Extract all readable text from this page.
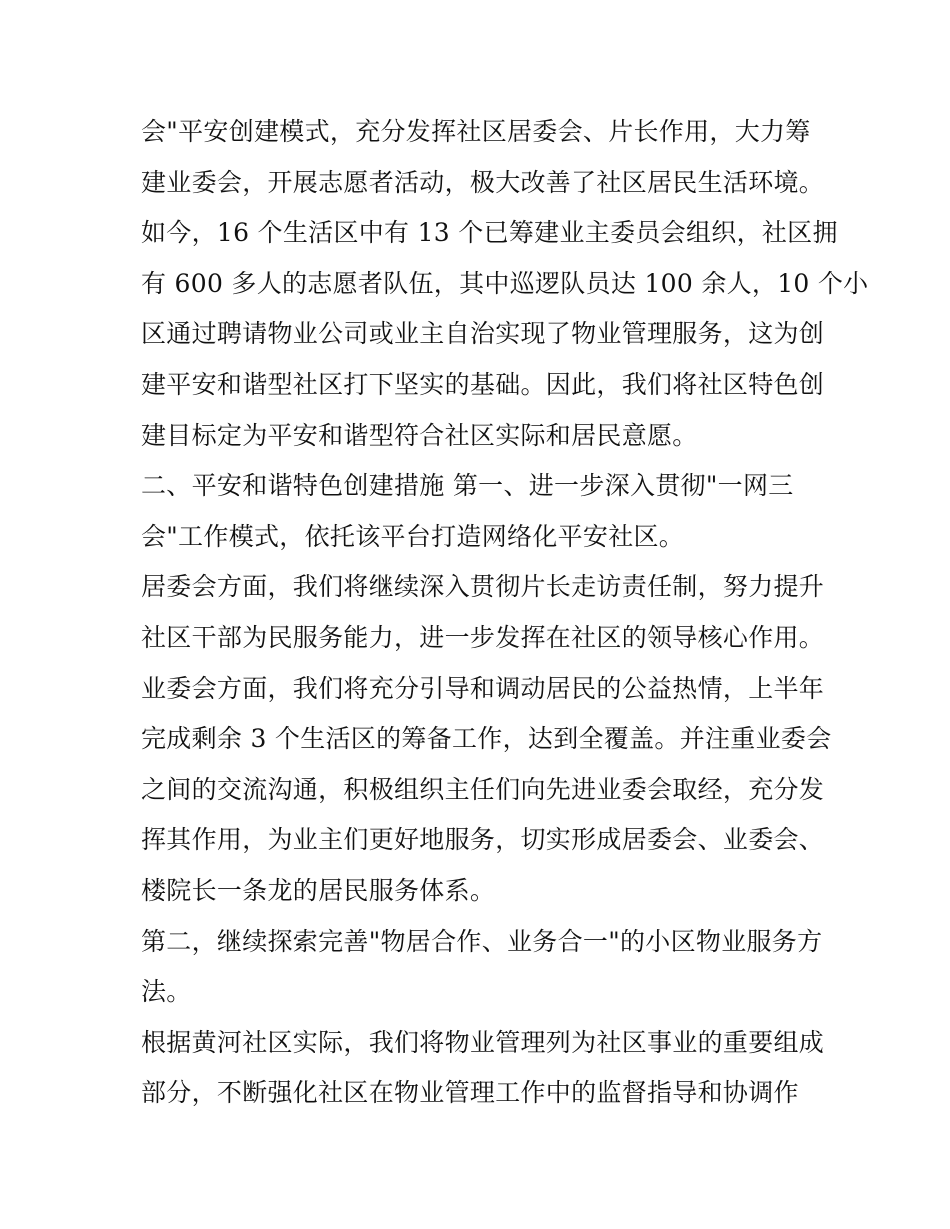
会"平安创建模式，充分发挥社区居委会、片长作用，大力筹
建业委会，开展志愿者活动，极大改善了社区居民生活环境。
如今，16 个生活区中有 13 个已筹建业主委员会组织，社区拥
有 600 多人的志愿者队伍，其中巡逻队员达 100 余人，10 个小
区通过聘请物业公司或业主自治实现了物业管理服务，这为创
建平安和谐型社区打下坚实的基础。因此，我们将社区特色创
建目标定为平安和谐型符合社区实际和居民意愿。
二、平安和谐特色创建措施 第一、进一步深入贯彻"一网三
会"工作模式，依托该平台打造网络化平安社区。
居委会方面，我们将继续深入贯彻片长走访责任制，努力提升
社区干部为民服务能力，进一步发挥在社区的领导核心作用。
业委会方面，我们将充分引导和调动居民的公益热情，上半年
完成剩余 3 个生活区的筹备工作，达到全覆盖。并注重业委会
之间的交流沟通，积极组织主任们向先进业委会取经，充分发
挥其作用，为业主们更好地服务，切实形成居委会、业委会、
楼院长一条龙的居民服务体系。
第二，继续探索完善"物居合作、业务合一"的小区物业服务方
法。
根据黄河社区实际，我们将物业管理列为社区事业的重要组成
部分，不断强化社区在物业管理工作中的监督指导和协调作
